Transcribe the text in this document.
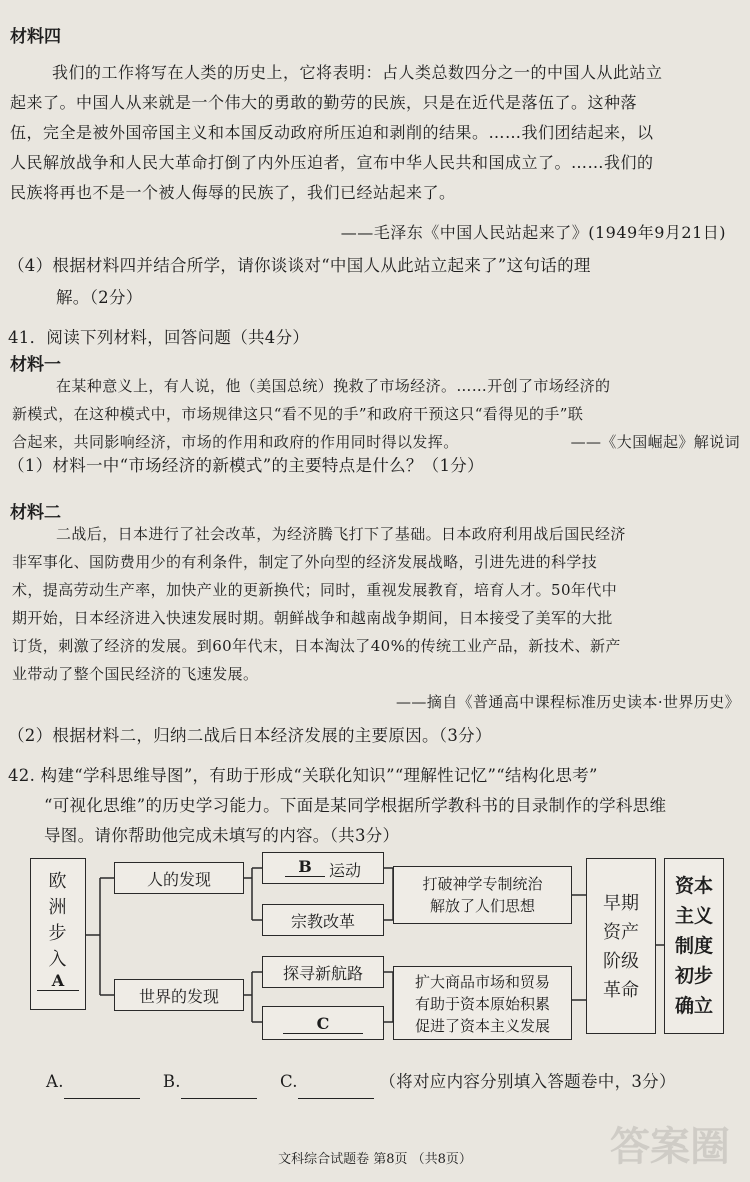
材料四
我们的工作将写在人类的历史上，它将表明：占人类总数四分之一的中国人从此站立
起来了。中国人从来就是一个伟大的勇敢的勤劳的民族，只是在近代是落伍了。这种落
伍，完全是被外国帝国主义和本国反动政府所压迫和剥削的结果。……我们团结起来，以
人民解放战争和人民大革命打倒了内外压迫者，宣布中华人民共和国成立了。……我们的
民族将再也不是一个被人侮辱的民族了，我们已经站起来了。
——毛泽东《中国人民站起来了》(1949年9月21日)
（4）根据材料四并结合所学，请你谈谈对“中国人从此站立起来了”这句话的理
解。（2分）
41．阅读下列材料，回答问题（共4分）
材料一
在某种意义上，有人说，他（美国总统）挽救了市场经济。……开创了市场经济的
新模式，在这种模式中，市场规律这只“看不见的手”和政府干预这只“看得见的手”联
合起来，共同影响经济，市场的作用和政府的作用同时得以发挥。	——《大国崛起》解说词
（1）材料一中“市场经济的新模式”的主要特点是什么？（1分）
材料二
二战后，日本进行了社会改革，为经济腾飞打下了基础。日本政府利用战后国民经济
非军事化、国防费用少的有利条件，制定了外向型的经济发展战略，引进先进的科学技
术，提高劳动生产率，加快产业的更新换代；同时，重视发展教育，培育人才。50年代中
期开始，日本经济进入快速发展时期。朝鲜战争和越南战争期间，日本接受了美军的大批
订货，刺激了经济的发展。到60年代末，日本淘汰了40%的传统工业产品，新技术、新产
业带动了整个国民经济的飞速发展。
——摘自《普通高中课程标准历史读本·世界历史》
（2）根据材料二，归纳二战后日本经济发展的主要原因。（3分）
42. 构建“学科思维导图”，有助于形成“关联化知识”“理解性记忆”“结构化思考”
“可视化思维”的历史学习能力。下面是某同学根据所学教科书的目录制作的学科思维
导图。请你帮助他完成未填写的内容。（共3分）
欧
洲
步
入
A
人的发现
世界的发现
B	运动
宗教改革
探寻新航路
C
打破神学专制统治
解放了人们思想
扩大商品市场和贸易
有助于资本原始积累
促进了资本主义发展
早期
资产
阶级
革命
资本
主义
制度
初步
确立
A.	B.	C.	（将对应内容分别填入答题卷中，3分）
文科综合试题卷 第8页 （共8页）	答案圈
